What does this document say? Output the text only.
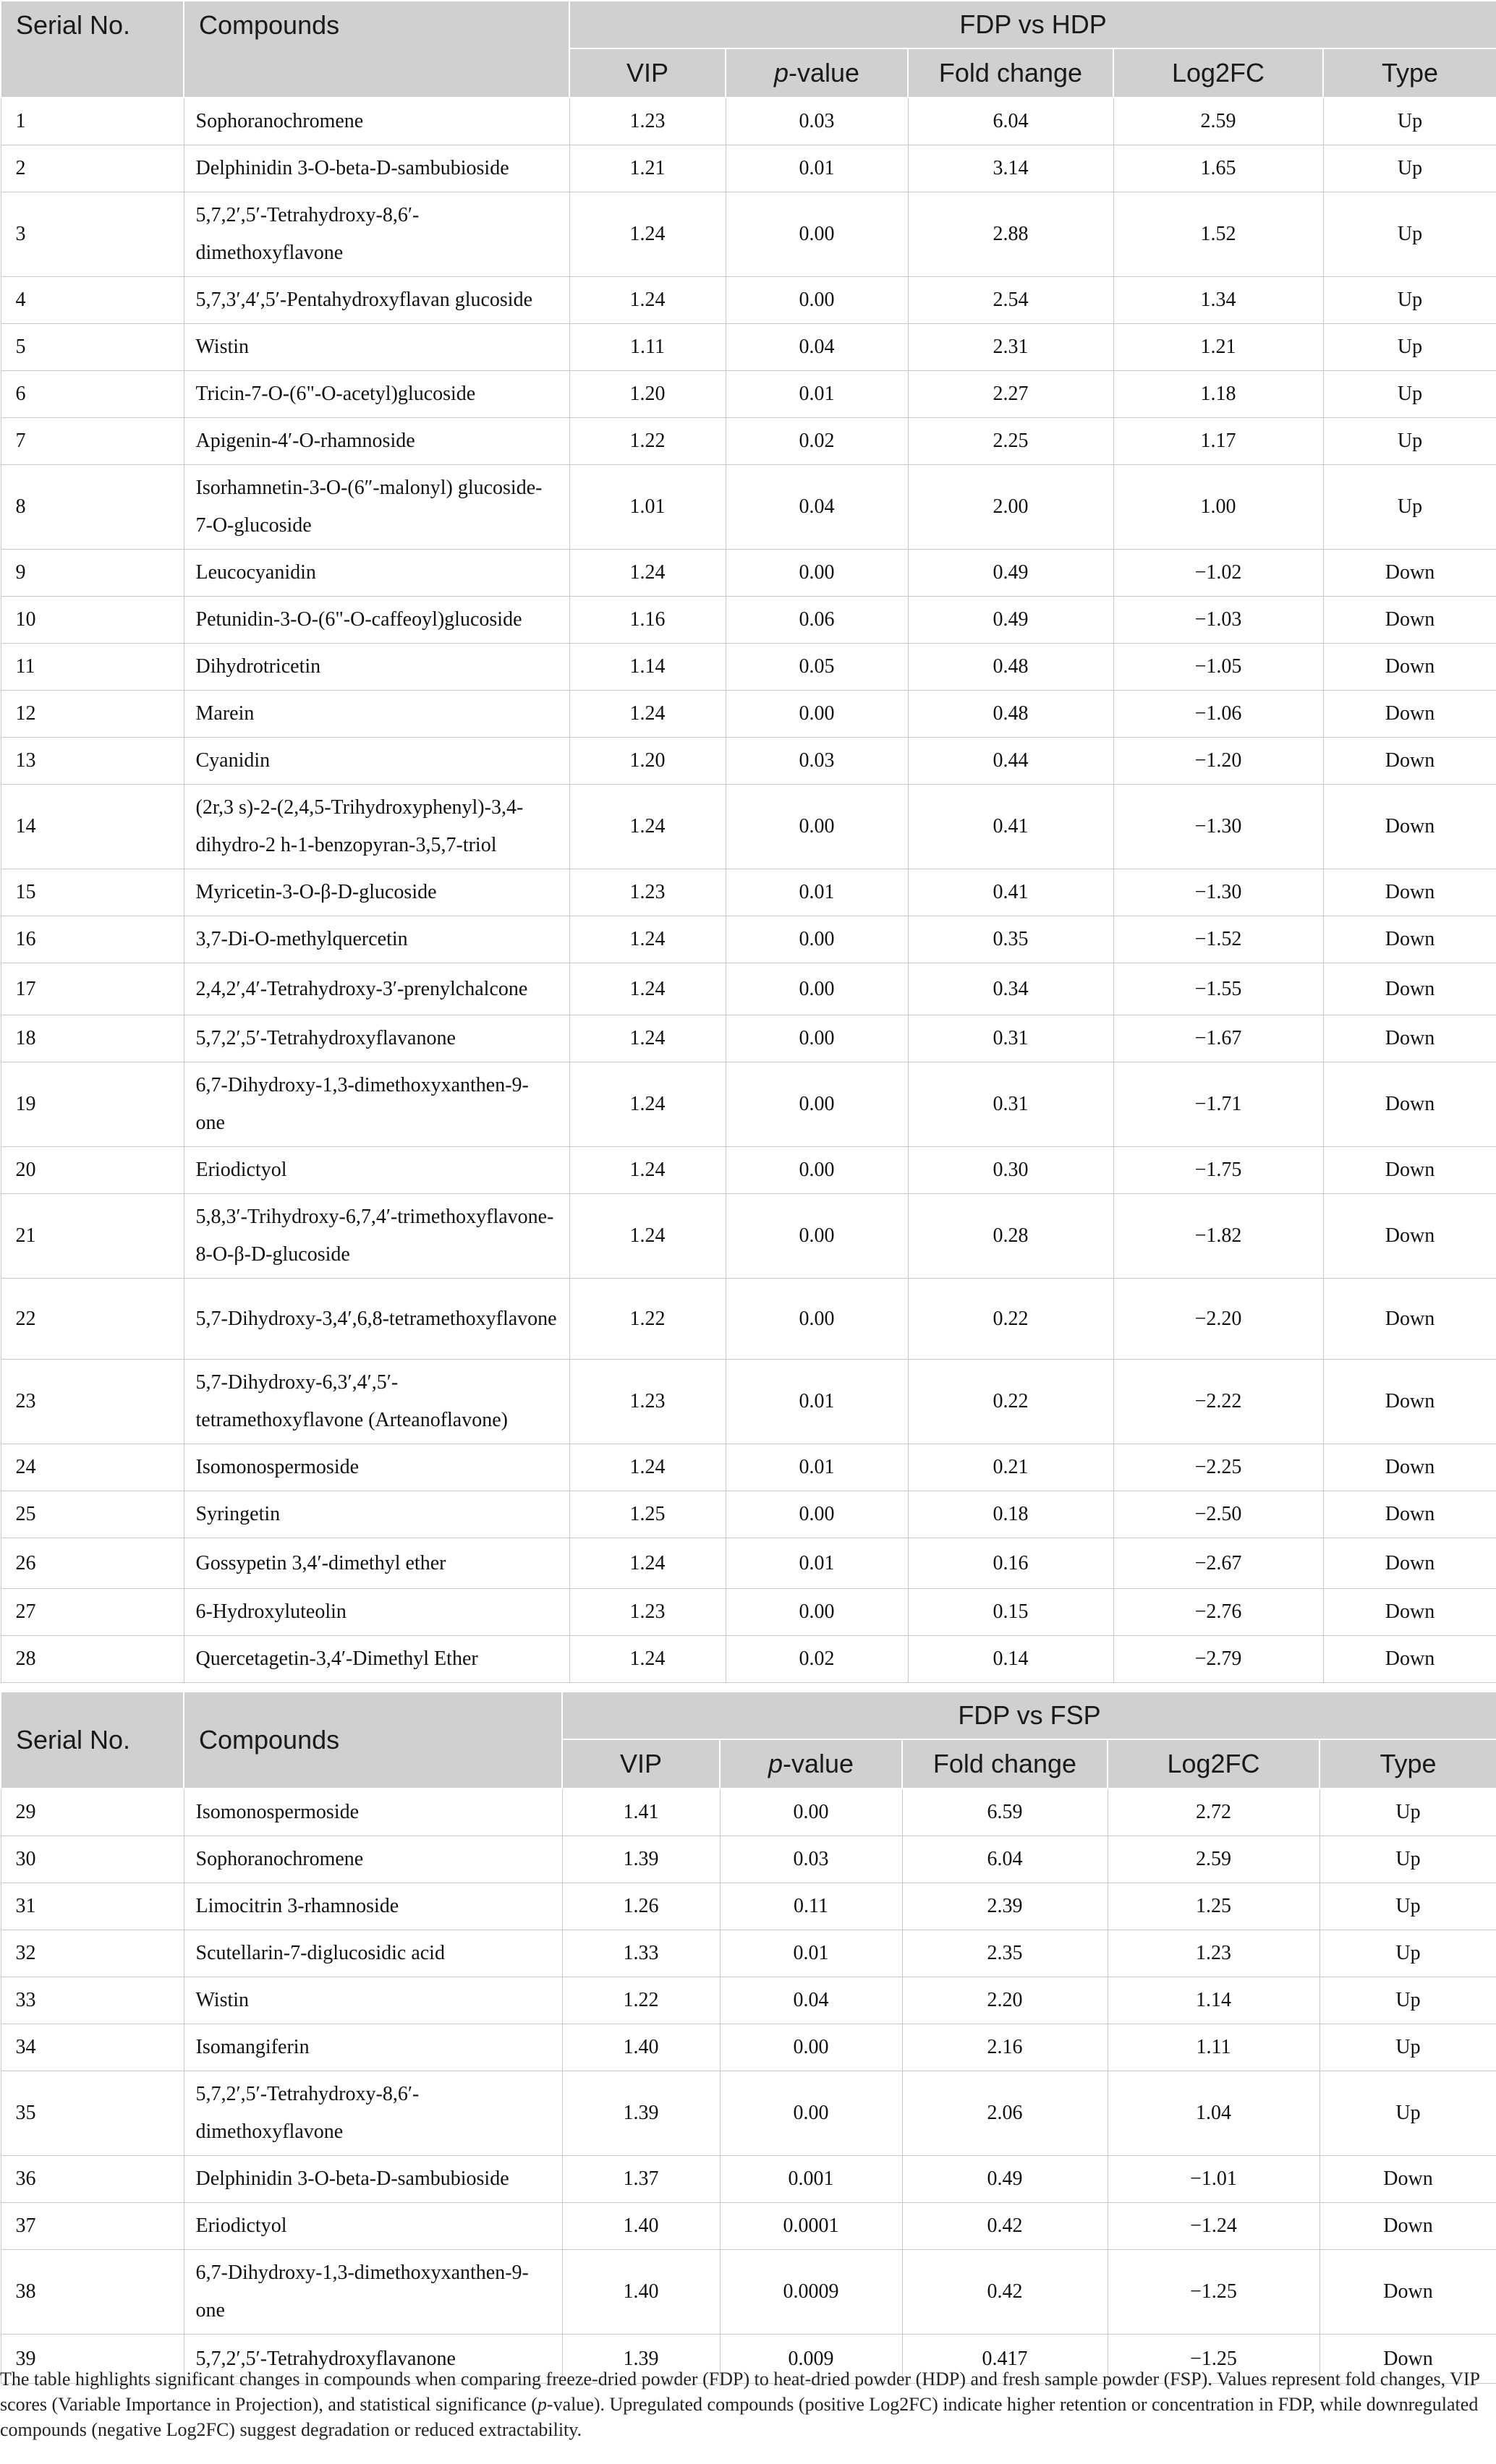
Serial No.	Compounds	FDP vs HDP				
		VIP	p-value	Fold change	Log2FC	Type
1	Sophoranochromene	1.23	0.03	6.04	2.59	Up
2	Delphinidin 3-O-beta-D-sambubioside	1.21	0.01	3.14	1.65	Up
3	5,7,2′,5′-Tetrahydroxy-8,6′-dimethoxyflavone	1.24	0.00	2.88	1.52	Up
4	5,7,3′,4′,5′-Pentahydroxyflavan glucoside	1.24	0.00	2.54	1.34	Up
5	Wistin	1.11	0.04	2.31	1.21	Up
6	Tricin-7-O-(6"-O-acetyl)glucoside	1.20	0.01	2.27	1.18	Up
7	Apigenin-4′-O-rhamnoside	1.22	0.02	2.25	1.17	Up
8	Isorhamnetin-3-O-(6″-malonyl) glucoside-7-O-glucoside	1.01	0.04	2.00	1.00	Up
9	Leucocyanidin	1.24	0.00	0.49	−1.02	Down
10	Petunidin-3-O-(6"-O-caffeoyl)glucoside	1.16	0.06	0.49	−1.03	Down
11	Dihydrotricetin	1.14	0.05	0.48	−1.05	Down
12	Marein	1.24	0.00	0.48	−1.06	Down
13	Cyanidin	1.20	0.03	0.44	−1.20	Down
14	(2r,3 s)-2-(2,4,5-Trihydroxyphenyl)-3,4-dihydro-2 h-1-benzopyran-3,5,7-triol	1.24	0.00	0.41	−1.30	Down
15	Myricetin-3-O-β-D-glucoside	1.23	0.01	0.41	−1.30	Down
16	3,7-Di-O-methylquercetin	1.24	0.00	0.35	−1.52	Down
17	2,4,2′,4′-Tetrahydroxy-3′-prenylchalcone	1.24	0.00	0.34	−1.55	Down
18	5,7,2′,5′-Tetrahydroxyflavanone	1.24	0.00	0.31	−1.67	Down
19	6,7-Dihydroxy-1,3-dimethoxyxanthen-9-one	1.24	0.00	0.31	−1.71	Down
20	Eriodictyol	1.24	0.00	0.30	−1.75	Down
21	5,8,3′-Trihydroxy-6,7,4′-trimethoxyflavone-8-O-β-D-glucoside	1.24	0.00	0.28	−1.82	Down
22	5,7-Dihydroxy-3,4′,6,8-tetramethoxyflavone	1.22	0.00	0.22	−2.20	Down
23	5,7-Dihydroxy-6,3′,4′,5′-tetramethoxyflavone (Arteanoflavone)	1.23	0.01	0.22	−2.22	Down
24	Isomonospermoside	1.24	0.01	0.21	−2.25	Down
25	Syringetin	1.25	0.00	0.18	−2.50	Down
26	Gossypetin 3,4′-dimethyl ether	1.24	0.01	0.16	−2.67	Down
27	6-Hydroxyluteolin	1.23	0.00	0.15	−2.76	Down
28	Quercetagetin-3,4′-Dimethyl Ether	1.24	0.02	0.14	−2.79	Down
Serial No.	Compounds	FDP vs FSP				
		VIP	p-value	Fold change	Log2FC	Type
29	Isomonospermoside	1.41	0.00	6.59	2.72	Up
30	Sophoranochromene	1.39	0.03	6.04	2.59	Up
31	Limocitrin 3-rhamnoside	1.26	0.11	2.39	1.25	Up
32	Scutellarin-7-diglucosidic acid	1.33	0.01	2.35	1.23	Up
33	Wistin	1.22	0.04	2.20	1.14	Up
34	Isomangiferin	1.40	0.00	2.16	1.11	Up
35	5,7,2′,5′-Tetrahydroxy-8,6′-dimethoxyflavone	1.39	0.00	2.06	1.04	Up
36	Delphinidin 3-O-beta-D-sambubioside	1.37	0.001	0.49	−1.01	Down
37	Eriodictyol	1.40	0.0001	0.42	−1.24	Down
38	6,7-Dihydroxy-1,3-dimethoxyxanthen-9-one	1.40	0.0009	0.42	−1.25	Down
39	5,7,2′,5′-Tetrahydroxyflavanone	1.39	0.009	0.417	−1.25	Down

The table highlights significant changes in compounds when comparing freeze-dried powder (FDP) to heat-dried powder (HDP) and fresh sample powder (FSP). Values represent fold changes, VIP scores (Variable Importance in Projection), and statistical significance (p-value). Upregulated compounds (positive Log2FC) indicate higher retention or concentration in FDP, while downregulated compounds (negative Log2FC) suggest degradation or reduced extractability.
